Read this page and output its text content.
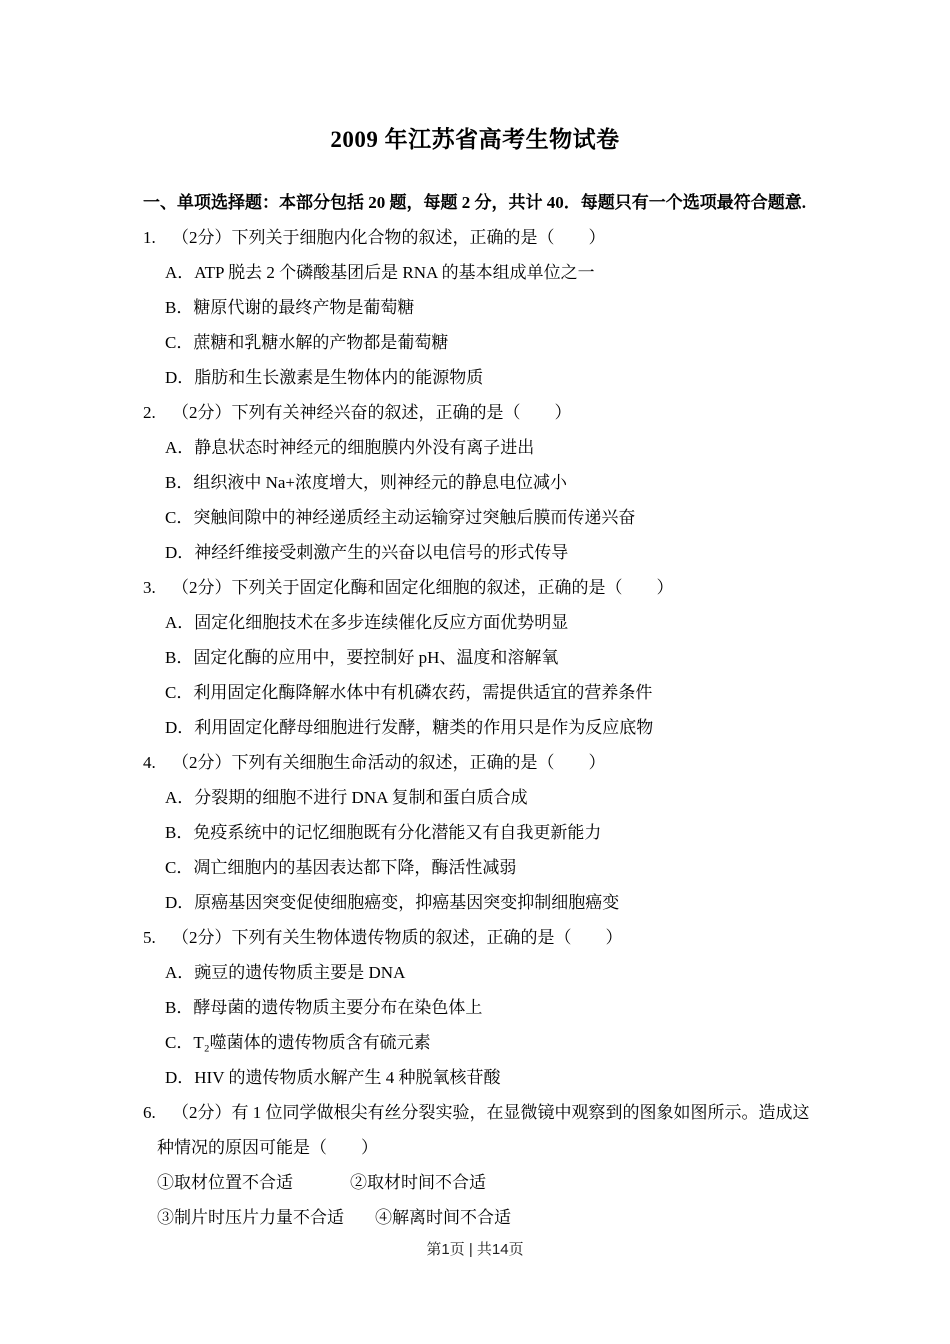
2009 年江苏省高考生物试卷
一、单项选择题：本部分包括 20 题，每题 2 分，共计 40．每题只有一个选项最符合题意.
1. （2分）下列关于细胞内化合物的叙述，正确的是（　　）
A．ATP 脱去 2 个磷酸基团后是 RNA 的基本组成单位之一
B．糖原代谢的最终产物是葡萄糖
C．蔗糖和乳糖水解的产物都是葡萄糖
D．脂肪和生长激素是生物体内的能源物质
2. （2分）下列有关神经兴奋的叙述，正确的是（　　）
A．静息状态时神经元的细胞膜内外没有离子进出
B．组织液中 Na+浓度增大，则神经元的静息电位减小
C．突触间隙中的神经递质经主动运输穿过突触后膜而传递兴奋
D．神经纤维接受刺激产生的兴奋以电信号的形式传导
3. （2分）下列关于固定化酶和固定化细胞的叙述，正确的是（　　）
A．固定化细胞技术在多步连续催化反应方面优势明显
B．固定化酶的应用中，要控制好 pH、温度和溶解氧
C．利用固定化酶降解水体中有机磷农药，需提供适宜的营养条件
D．利用固定化酵母细胞进行发酵，糖类的作用只是作为反应底物
4. （2分）下列有关细胞生命活动的叙述，正确的是（　　）
A．分裂期的细胞不进行 DNA 复制和蛋白质合成
B．免疫系统中的记忆细胞既有分化潜能又有自我更新能力
C．凋亡细胞内的基因表达都下降，酶活性减弱
D．原癌基因突变促使细胞癌变，抑癌基因突变抑制细胞癌变
5. （2分）下列有关生物体遗传物质的叙述，正确的是（　　）
A．豌豆的遗传物质主要是 DNA
B．酵母菌的遗传物质主要分布在染色体上
C．T₂噬菌体的遗传物质含有硫元素
D．HIV 的遗传物质水解产生 4 种脱氧核苷酸
6. （2分）有 1 位同学做根尖有丝分裂实验，在显微镜中观察到的图象如图所示。造成这
种情况的原因可能是（　　）
①取材位置不合适	②取材时间不合适
③制片时压片力量不合适 ④解离时间不合适
第1页 | 共14页
